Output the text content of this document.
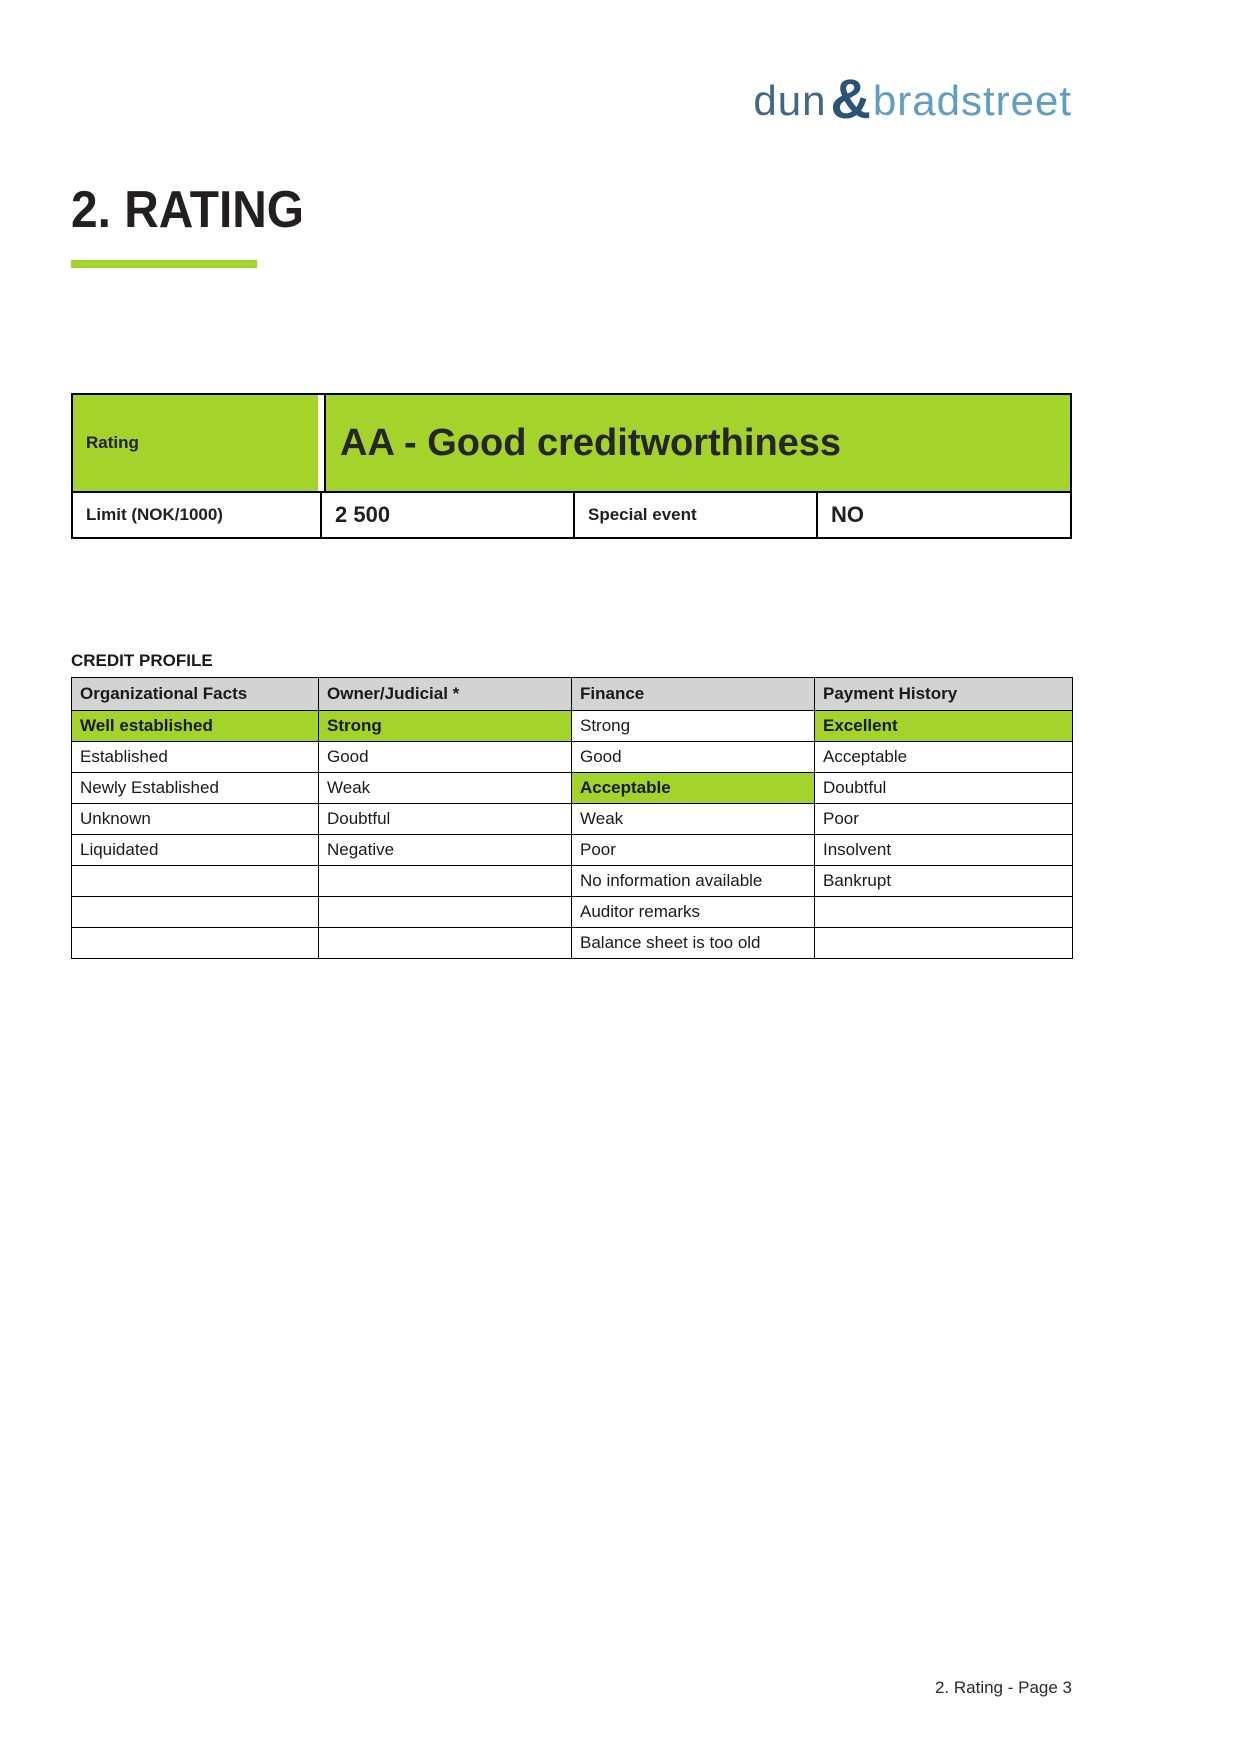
dun & bradstreet
2. RATING
Rating	AA - Good creditworthiness
Limit (NOK/1000)	2 500	Special event	NO
CREDIT PROFILE
Organizational Facts	Owner/Judicial *	Finance	Payment History
Well established	Strong	Strong	Excellent
Established	Good	Good	Acceptable
Newly Established	Weak	Acceptable	Doubtful
Unknown	Doubtful	Weak	Poor
Liquidated	Negative	Poor	Insolvent
		No information available	Bankrupt
		Auditor remarks	
		Balance sheet is too old	
2. Rating - Page 3
